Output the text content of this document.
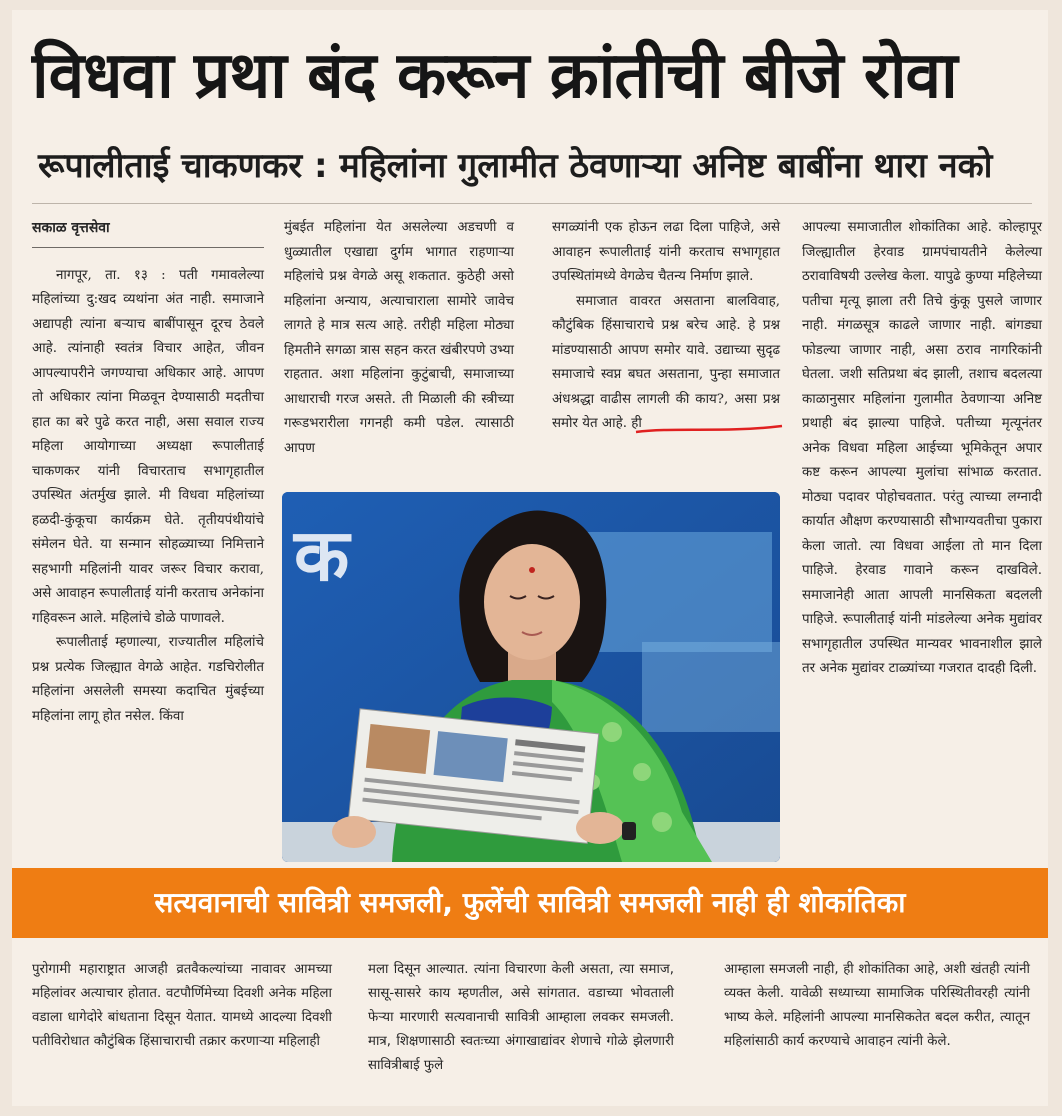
विधवा प्रथा बंद करून क्रांतीची बीजे रोवा
रूपालीताई चाकणकर : महिलांना गुलामीत ठेवणाऱ्या अनिष्ट बाबींना थारा नको

सकाळ वृत्तसेवा

नागपूर, ता. १३ : पती गमावलेल्या महिलांच्या दु:खद व्यथांना अंत नाही. समाजाने अद्यापही त्यांना बऱ्याच बाबींपासून दूरच ठेवले आहे. त्यांनाही स्वतंत्र विचार आहेत, जीवन आपल्यापरीने जगण्याचा अधिकार आहे. आपण तो अधिकार त्यांना मिळवून देण्यासाठी मदतीचा हात का बरे पुढे करत नाही, असा सवाल राज्य महिला आयोगाच्या अध्यक्षा रूपालीताई चाकणकर यांनी विचारताच सभागृहातील उपस्थित अंतर्मुख झाले. मी विधवा महिलांच्या हळदी-कुंकूचा कार्यक्रम घेते. तृतीयपंथीयांचे संमेलन घेते. या सन्मान सोहळ्याच्या निमित्ताने सहभागी महिलांनी यावर जरूर विचार करावा, असे आवाहन रूपालीताई यांनी करताच अनेकांना गहिवरून आले. महिलांचे डोळे पाणावले.

रूपालीताई म्हणाल्या, राज्यातील महिलांचे प्रश्न प्रत्येक जिल्ह्यात वेगळे आहेत. गडचिरोलीत महिलांना असलेली समस्या कदाचित मुंबईच्या महिलांना लागू होत नसेल. किंवा

मुंबईत महिलांना येत असलेल्या अडचणी व धुळ्यातील एखाद्या दुर्गम भागात राहणाऱ्या महिलांचे प्रश्न वेगळे असू शकतात. कुठेही असो महिलांना अन्याय, अत्याचाराला सामोरे जावेच लागते हे मात्र सत्य आहे. तरीही महिला मोठ्या हिमतीने सगळा त्रास सहन करत खंबीरपणे उभ्या राहतात. अशा महिलांना कुटुंबाची, समाजाच्या आधाराची गरज असते. ती मिळाली की स्त्रीच्या गरूडभरारीला गगनही कमी पडेल. त्यासाठी आपण

सगळ्यांनी एक होऊन लढा दिला पाहिजे, असे आवाहन रूपालीताई यांनी करताच सभागृहात उपस्थितांमध्ये वेगळेच चैतन्य निर्माण झाले.

समाजात वावरत असताना बालविवाह, कौटुंबिक हिंसाचाराचे प्रश्न बरेच आहे. हे प्रश्न मांडण्यासाठी आपण समोर यावे. उद्याच्या सुदृढ समाजाचे स्वप्न बघत असताना, पुन्हा समाजात अंधश्रद्धा वाढीस लागली की काय?, असा प्रश्न समोर येत आहे. ही

आपल्या समाजातील शोकांतिका आहे. कोल्हापूर जिल्ह्यातील हेरवाड ग्रामपंचायतीने केलेल्या ठरावाविषयी उल्लेख केला. यापुढे कुण्या महिलेच्या पतीचा मृत्यू झाला तरी तिचे कुंकू पुसले जाणार नाही. मंगळसूत्र काढले जाणार नाही. बांगड्या फोडल्या जाणार नाही, असा ठराव नागरिकांनी घेतला. जशी सतिप्रथा बंद झाली, तशाच बदलत्या काळानुसार महिलांना गुलामीत ठेवणाऱ्या अनिष्ट प्रथाही बंद झाल्या पाहिजे. पतीच्या मृत्यूनंतर अनेक विधवा महिला आईच्या भूमिकेतून अपार कष्ट करून आपल्या मुलांचा सांभाळ करतात. मोठ्या पदावर पोहोचवतात. परंतु त्याच्या लग्नादी कार्यात औक्षण करण्यासाठी सौभाग्यवतीचा पुकारा केला जातो. त्या विधवा आईला तो मान दिला पाहिजे. हेरवाड गावाने करून दाखविले. समाजानेही आता आपली मानसिकता बदलली पाहिजे. रूपालीताई यांनी मांडलेल्या अनेक मुद्यांवर सभागृहातील उपस्थित मान्यवर भावनाशील झाले तर अनेक मुद्यांवर टाळ्यांच्या गजरात दादही दिली.

क

सत्यवानाची सावित्री समजली, फुलेंची सावित्री समजली नाही ही शोकांतिका

पुरोगामी महाराष्ट्रात आजही व्रतवैकल्यांच्या नावावर आमच्या महिलांवर अत्याचार होतात. वटपौर्णिमेच्या दिवशी अनेक महिला वडाला धागेदोरे बांधताना दिसून येतात. यामध्ये आदल्या दिवशी पतीविरोधात कौटुंबिक हिंसाचाराची तक्रार करणाऱ्या महिलाही

मला दिसून आल्यात. त्यांना विचारणा केली असता, त्या समाज, सासू-सासरे काय म्हणतील, असे सांगतात. वडाच्या भोवताली फेऱ्या मारणारी सत्यवानाची सावित्री आम्हाला लवकर समजली. मात्र, शिक्षणासाठी स्वतःच्या अंगाखाद्यांवर शेणाचे गोळे झेलणारी सावित्रीबाई फुले

आम्हाला समजली नाही, ही शोकांतिका आहे, अशी खंतही त्यांनी व्यक्त केली. यावेळी सध्याच्या सामाजिक परिस्थितीवरही त्यांनी भाष्य केले. महिलांनी आपल्या मानसिकतेत बदल करीत, त्यातून महिलांसाठी कार्य करण्याचे आवाहन त्यांनी केले.
